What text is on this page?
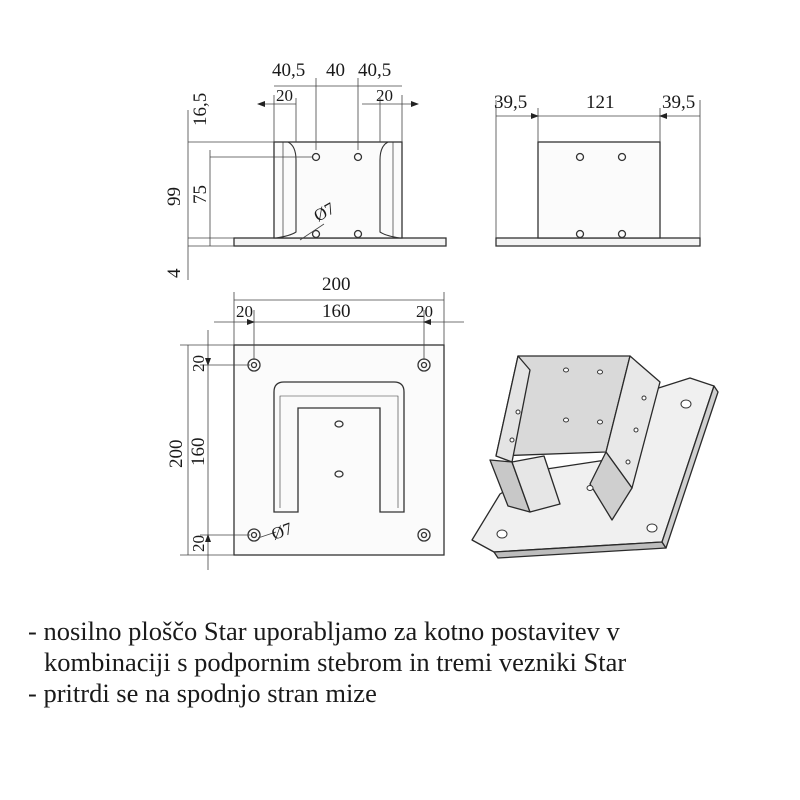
40,5 40 40,5
20	20
Ø7
16,5
99 75
4
39,5	121	39,5
200
20	160	20
Ø7
20
200 160
20
- nosilno ploščo Star uporabljamo za kotno postavitev v
kombinaciji s podpornim stebrom in tremi vezniki Star
- pritrdi se na spodnjo stran mize
